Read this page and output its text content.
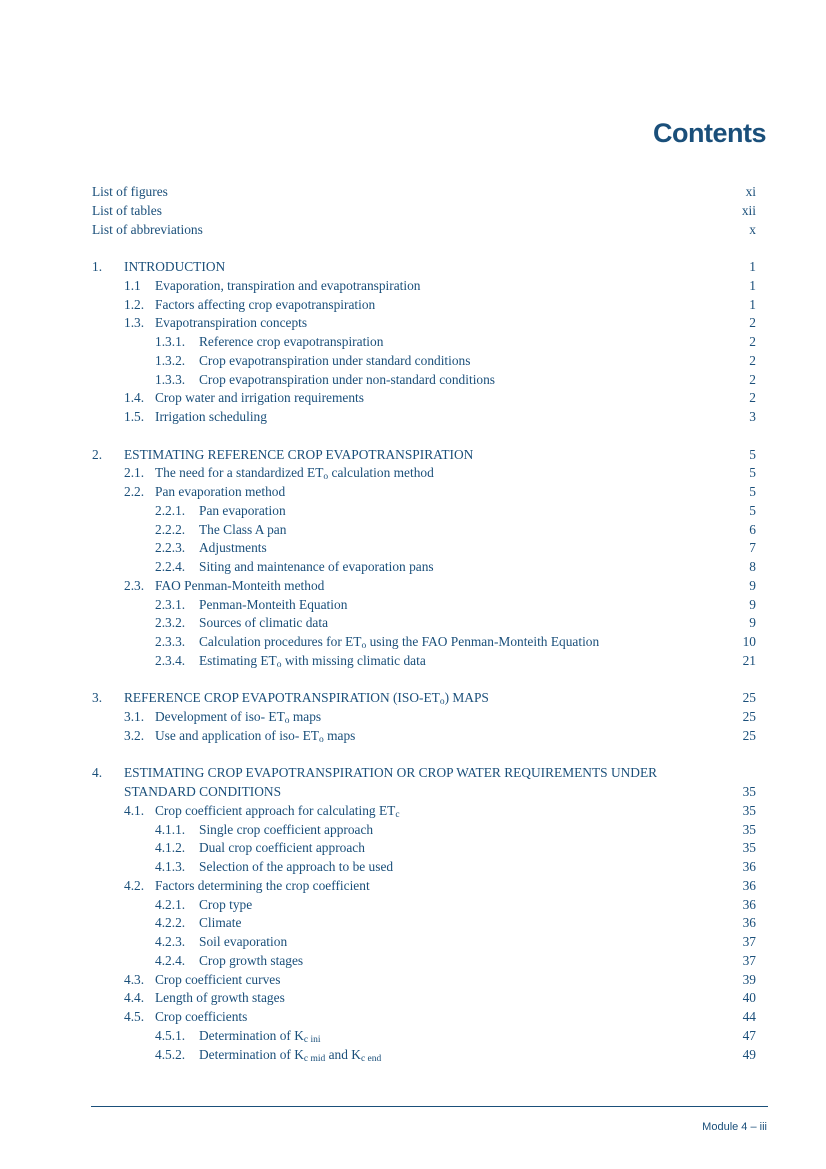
Contents
List of figures	xi
List of tables	xii
List of abbreviations	x
1. INTRODUCTION	1
1.1 Evaporation, transpiration and evapotranspiration	1
1.2. Factors affecting crop evapotranspiration	1
1.3. Evapotranspiration concepts	2
1.3.1. Reference crop evapotranspiration	2
1.3.2. Crop evapotranspiration under standard conditions	2
1.3.3. Crop evapotranspiration under non-standard conditions	2
1.4. Crop water and irrigation requirements	2
1.5. Irrigation scheduling	3
2. ESTIMATING REFERENCE CROP EVAPOTRANSPIRATION	5
2.1. The need for a standardized $ET_o$ calculation method	5
2.2. Pan evaporation method	5
2.2.1. Pan evaporation	5
2.2.2. The Class A pan	6
2.2.3. Adjustments	7
2.2.4. Siting and maintenance of evaporation pans	8
2.3. FAO Penman-Monteith method	9
2.3.1. Penman-Monteith Equation	9
2.3.2. Sources of climatic data	9
2.3.3. Calculation procedures for $ET_o$ using the FAO Penman-Monteith Equation	10
2.3.4. Estimating $ET_o$ with missing climatic data	21
3. REFERENCE CROP EVAPOTRANSPIRATION $(ISO-ET_o)$ MAPS	25
3.1. Development of iso- $ET_o$ maps	25
3.2. Use and application of iso- $ET_o$ maps	25
4. ESTIMATING CROP EVAPOTRANSPIRATION OR CROP WATER REQUIREMENTS UNDER
STANDARD CONDITIONS	35
4.1. Crop coefficient approach for calculating $ET_c$	35
4.1.1. Single crop coefficient approach	35
4.1.2. Dual crop coefficient approach	35
4.1.3. Selection of the approach to be used	36
4.2. Factors determining the crop coefficient	36
4.2.1. Crop type	36
4.2.2. Climate	36
4.2.3. Soil evaporation	37
4.2.4. Crop growth stages	37
4.3. Crop coefficient curves	39
4.4. Length of growth stages	40
4.5. Crop coefficients	44
4.5.1. Determination of $K_{c ini}$	47
4.5.2. Determination of $K_{c mid}$ and $K_{c end}$	49
Module 4 – iii
